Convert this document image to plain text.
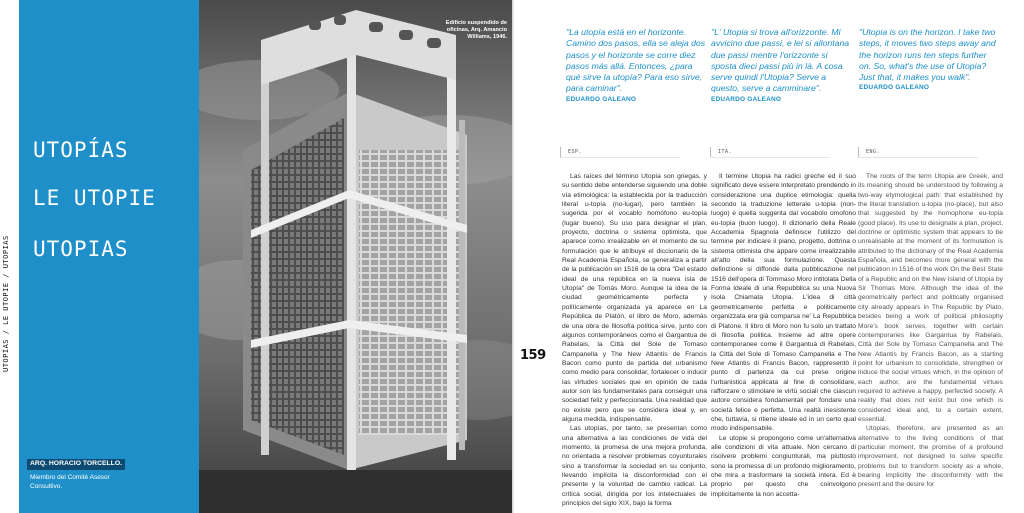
UTOPÍAS / LE UTOPIE / UTOPIAS
UTOPÍAS
LE UTOPIE
UTOPIAS
ARQ. HORACIO TORCELLO.
Miembro del Comité Asesor Consultivo.
Edificio suspendido de oficinas, Arq. Amancio Williams, 1946.
159
"La utopía está en el horizonte. Camino dos pasos, ella se aleja dos pasos y el horizonte se corre diez pasos más allá. Entonces, ¿para qué sirve la utopía? Para eso sirve, para caminar".
EDUARDO GALEANO
"L' Utopia si trova all'orizzonte. Mi avvicino due passi, e lei si allontana due passi mentre l'orizzonte si sposta dieci passi più in là. A cosa serve quindi l'Utopia? Serve a questo, serve a camminare".
EDUARDO GALEANO
"Utopia is on the horizon. I take two steps, it moves two steps away and the horizon runs ten steps further on. So, what's the use of Utopia? Just that, it makes you walk".
EDUARDO GALEANO
ESP.	ITA.	ENG.

Las raíces del término Utopía son griegas, y su sentido debe entenderse siguiendo una doble vía etimológica: la establecida por la traducción literal u-topía (no-lugar), pero también la sugerida por el vocablo homófono eu-topía (lugar bueno). Su uso para designar el plan, proyecto, doctrina o sistema optimista, que aparece como irrealizable en el momento de su formulación que le atribuye el diccionario de la Real Academia Española, se generaliza a partir de la publicación en 1516 de la obra "Del estado ideal de una república en la nueva isla de Utopía" de Tomás Moro. Aunque la idea de la ciudad geométricamente perfecta y políticamente organizada ya aparece en La República de Platón, el libro de Moro, además de una obra de filosofía política sirve, junto con algunos contemporáneos como el Gargantua de Rabelais, la Città del Sole de Tomaso Campanella y The New Atlantis de Francis Bacon como punto de partida del urbanismo como medio para consolidar, fortalecer o inducir las virtudes sociales que en opinión de cada autor son las fundamentales para conseguir una sociedad feliz y perfeccionada. Una realidad que no existe pero que se considera ideal y, en alguna medida, indispensable.

Las utopías, por tanto, se presentan como una alternativa a las condiciones de vida del momento, la promesa de una mejora profunda, no orientada a resolver problemas coyunturales sino a transformar la sociedad en su conjunto, llevando implícita la disconformidad con el presente y la voluntad de cambio radical. La crítica social, dirigida por los intelectuales de principios del siglo XIX, bajo la forma

Il termine Utopia ha radici greche ed il suo significato deve essere interpretato prendendo in considerazione una duplice etimologia: quella secondo la traduzione letterale u-topia (non-luogo) e quella suggerita dal vocabolo omofono eu-topia (buon luogo). Il dizionario della Reale Accademia Spagnola definisce l'utilizzo del termine per indicare il piano, progetto, dottrina o sistema ottimista che appare come irrealizzabile all'atto della sua formulazione. Questa definizione si diffonde dalla pubblicazione nel 1516 dell'opera di Tommaso Moro intitolata Della Forma Ideale di una Repubblica su una Nuova Isola Chiamata Utopia. L'idea di città geometricamente perfetta e politicamente organizzata era già comparsa ne' La Repubblica di Platone. Il libro di Moro non fu solo un trattato di filosofia politica. Insieme ad altre opere contemporanee come il Gargantuà di Rabelais, la Città del Sole di Tomaso Campanella e The New Atlantis di Francis Bacon, rappresentò il punto di partenza da cui prese origine l'urbanistica applicata al fine di consolidare, rafforzare o stimolare le virtù sociali che ciascun autore considera fondamentali per fondare una società felice e perfetta. Una realtà inesistente che, tuttavia, si ritiene ideale ed in un certo qual modo indispensabile.

Le utopie si propongono come un'alternativa alle condizioni di vita attuale. Non cercano di risolvere problemi congiunturali, ma piuttosto sono la promessa di un profondo miglioramento, che mira a trasformare la società intera. Ed è proprio per questo che coinvolgono implicitamente la non accetta-

The roots of the term Utopia are Greek, and its meaning should be understood by following a two-way etymological path: that established by the literal translation u-topia (no-place), but also that suggested by the homophone eu-topia (good place). Its use to designate a plan, project, doctrine or optimistic system that appears to be unrealisable at the moment of its formulation is attributed to the dictionary of the Real Academia Española, and becomes more general with the publication in 1516 of the work On the Best State of a Republic and on the New Island of Utopia by Sir Thomas More. Although the idea of the geometrically perfect and politically organised city already appears in The Republic by Plato, besides being a work of political philosophy More's book serves, together with certain contemporaries like Gargantua by Rabelais, Città del Sole by Tomaso Campanella and The New Atlantis by Francis Bacon, as a starting point for urbanism to consolidate, strengthen or induce the social virtues which, in the opinion of each author, are the fundamental virtues required to achieve a happy, perfected society. A reality that does not exist but one which is considered ideal and, to a certain extent, essential.

Utopias, therefore, are presented as an alternative to the living conditions of that particular moment, the promise of a profound improvement, not designed to solve specific problems but to transform society as a whole, bearing implicitly the disconformity with the present and the desire for
